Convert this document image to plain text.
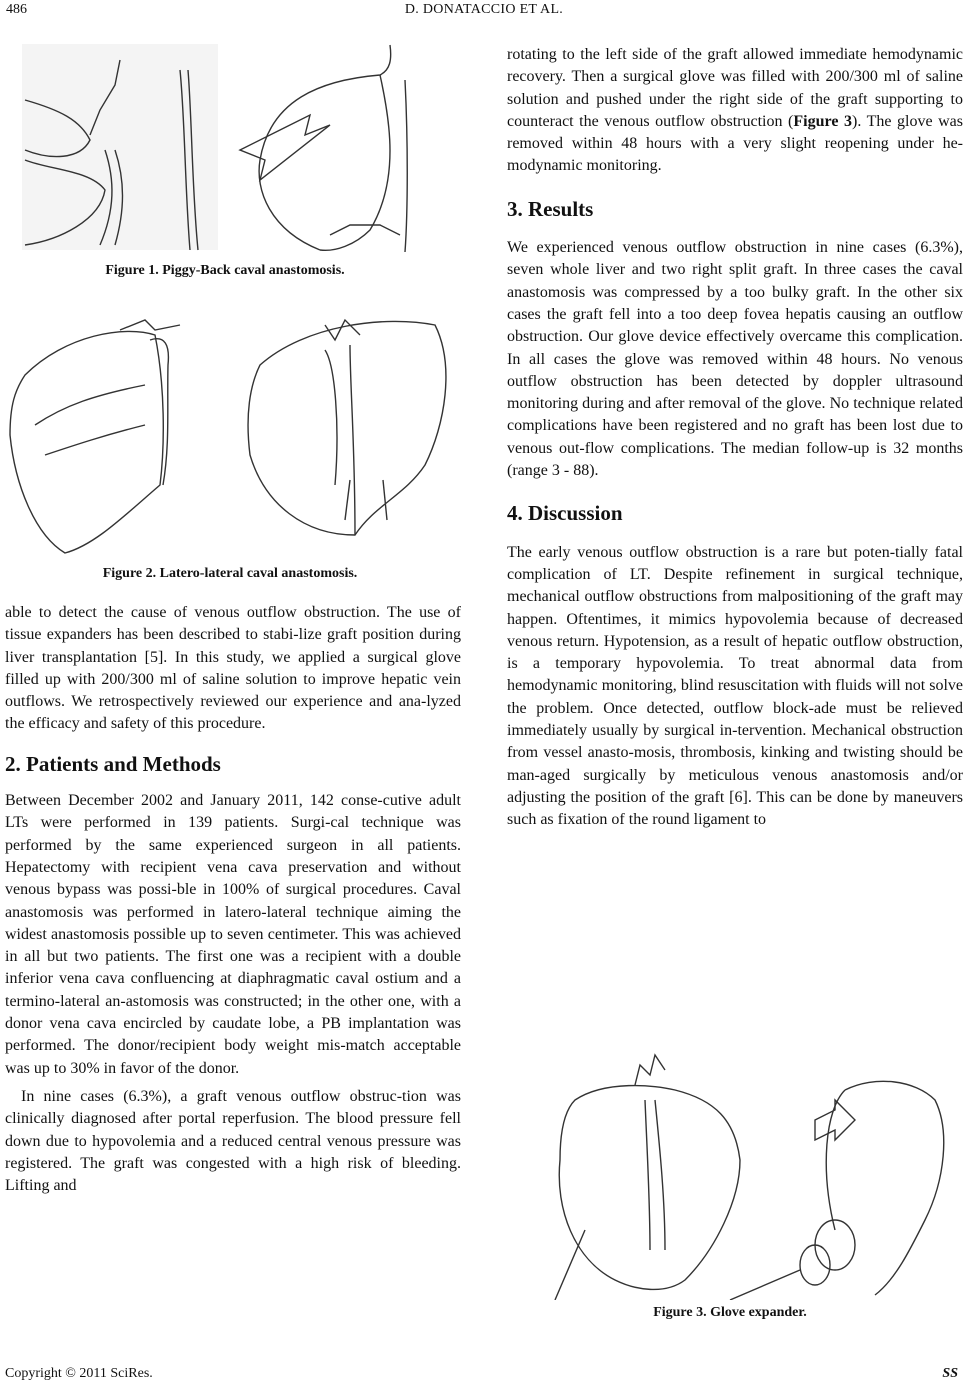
486	D. DONATACCIO ET AL.
Figure 1. Piggy-Back caval anastomosis.
Figure 2. Latero-lateral caval anastomosis.

able to detect the cause of venous outflow obstruction. The use of tissue expanders has been described to stabi-lize graft position during liver transplantation [5]. In this study, we applied a surgical glove filled up with 200/300 ml of saline solution to improve hepatic vein outflows. We retrospectively reviewed our experience and ana-lyzed the efficacy and safety of this procedure.

2. Patients and Methods

Between December 2002 and January 2011, 142 conse-cutive adult LTs were performed in 139 patients. Surgi-cal technique was performed by the same experienced surgeon in all patients. Hepatectomy with recipient vena cava preservation and without venous bypass was possi-ble in 100% of surgical procedures. Caval anastomosis was performed in latero-lateral technique aiming the widest anastomosis possible up to seven centimeter. This was achieved in all but two patients. The first one was a recipient with a double inferior vena cava confluencing at diaphragmatic caval ostium and a termino-lateral an-astomosis was constructed; in the other one, with a donor vena cava encircled by caudate lobe, a PB implantation was performed. The donor/recipient body weight mis-match acceptable was up to 30% in favor of the donor.

In nine cases (6.3%), a graft venous outflow obstruc-tion was clinically diagnosed after portal reperfusion. The blood pressure fell down due to hypovolemia and a reduced central venous pressure was registered. The graft was congested with a high risk of bleeding. Lifting and

rotating to the left side of the graft allowed immediate hemodynamic recovery. Then a surgical glove was filled with 200/300 ml of saline solution and pushed under the right side of the graft supporting to counteract the venous outflow obstruction (Figure 3). The glove was removed within 48 hours with a very slight reopening under he-modynamic monitoring.

3. Results

We experienced venous outflow obstruction in nine cases (6.3%), seven whole liver and two right split graft. In three cases the caval anastomosis was compressed by a too bulky graft. In the other six cases the graft fell into a too deep fovea hepatis causing an outflow obstruction. Our glove device effectively overcame this complication. In all cases the glove was removed within 48 hours. No venous outflow obstruction has been detected by doppler ultrasound monitoring during and after removal of the glove. No technique related complications have been registered and no graft has been lost due to venous out-flow complications. The median follow-up is 32 months (range 3 - 88).

4. Discussion

The early venous outflow obstruction is a rare but poten-tially fatal complication of LT. Despite refinement in surgical technique, mechanical outflow obstructions from malpositioning of the graft may happen. Oftentimes, it mimics hypovolemia because of decreased venous return. Hypotension, as a result of hepatic outflow obstruction, is a temporary hypovolemia. To treat abnormal data from hemodynamic monitoring, blind resuscitation with fluids will not solve the problem. Once detected, outflow block-ade must be relieved immediately usually by surgical in-tervention. Mechanical obstruction from vessel anasto-mosis, thrombosis, kinking and twisting should be man-aged surgically by meticulous venous anastomosis and/or adjusting the position of the graft [6]. This can be done by maneuvers such as fixation of the round ligament to

Figure 3. Glove expander.
Copyright © 2011 SciRes.	SS
